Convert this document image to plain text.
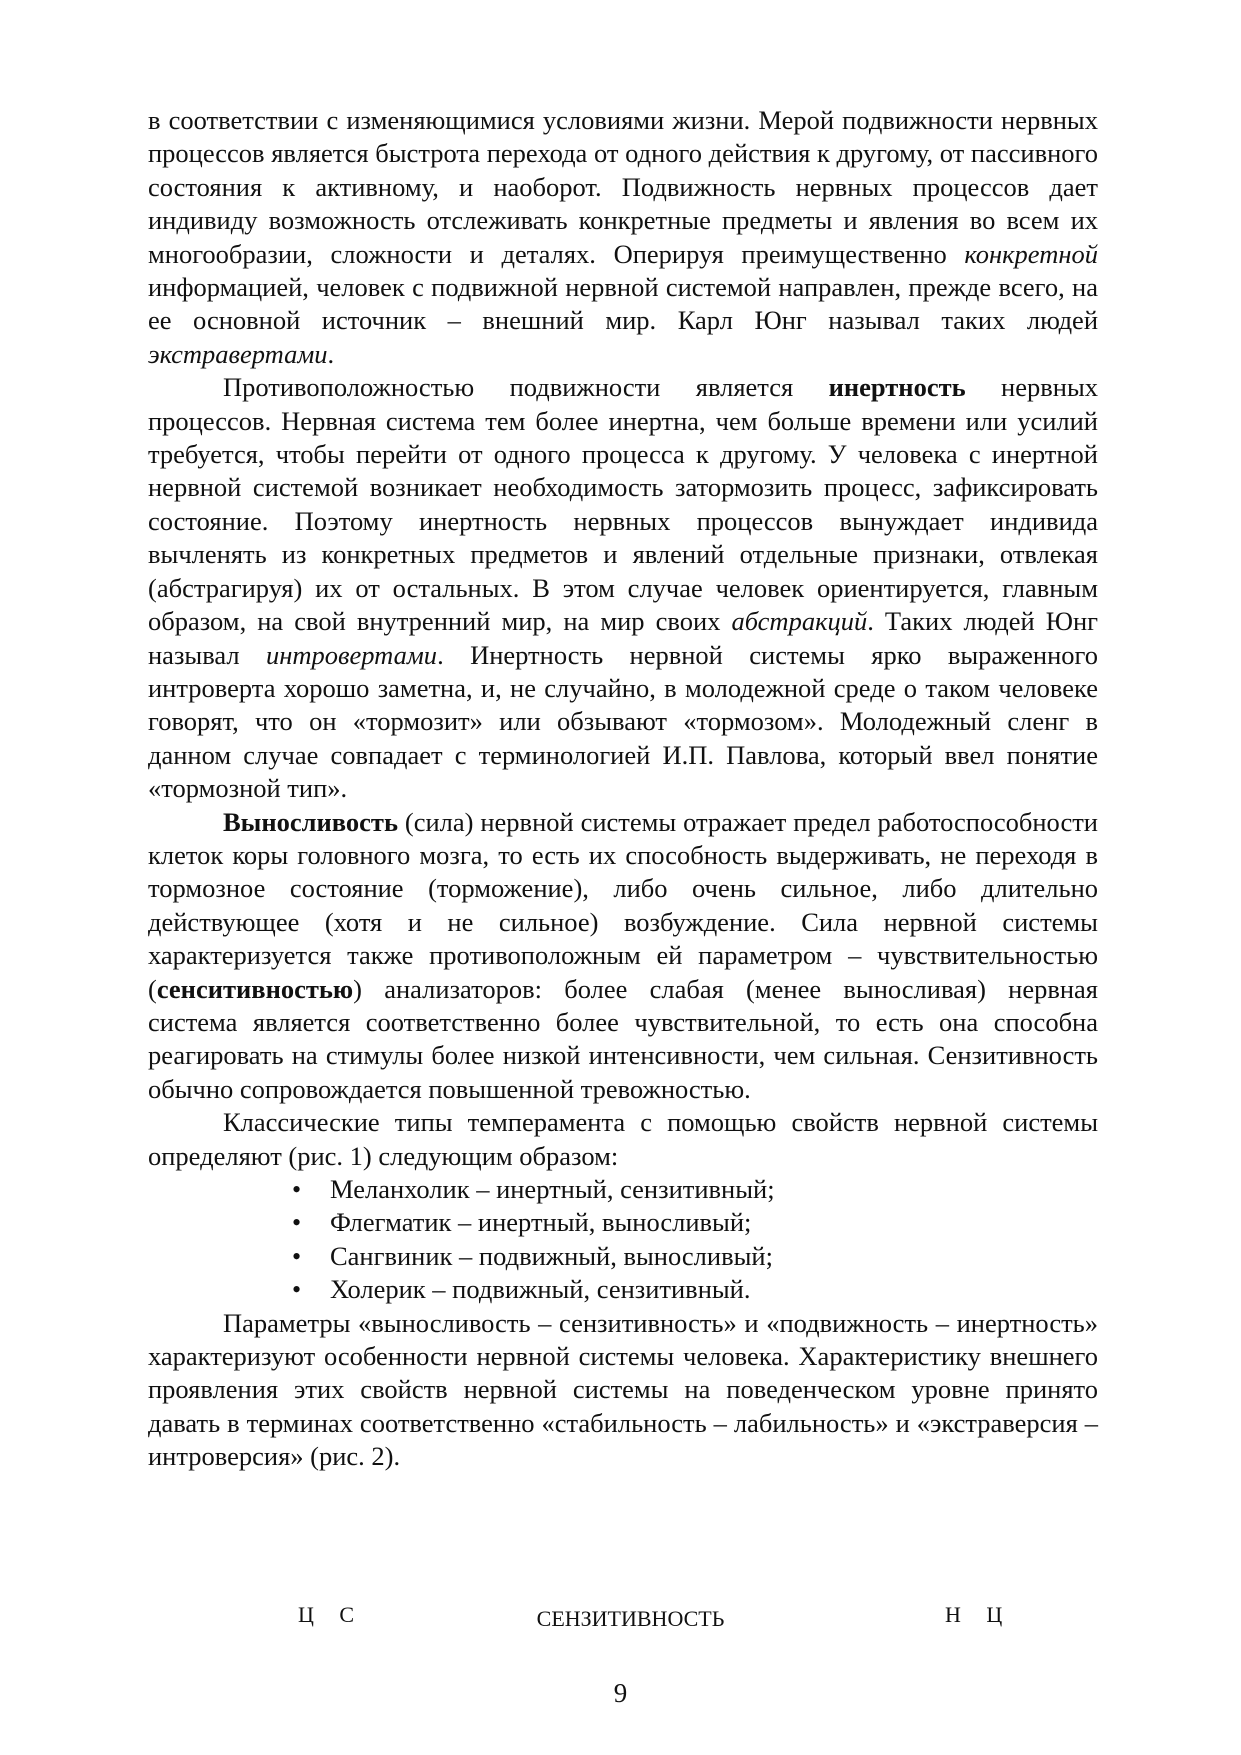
в соответствии с изменяющимися условиями жизни. Мерой подвижности нервных процессов является быстрота перехода от одного действия к другому, от пассивного состояния к активному, и наоборот. Подвижность нервных процессов дает индивиду возможность отслеживать конкретные предметы и явления во всем их многообразии, сложности и деталях. Оперируя преимущественно конкретной информацией, человек с подвижной нервной системой направлен, прежде всего, на ее основной источник – внешний мир. Карл Юнг называл таких людей экстравертами.

Противоположностью подвижности является инертность нервных процессов. Нервная система тем более инертна, чем больше времени или усилий требуется, чтобы перейти от одного процесса к другому. У человека с инертной нервной системой возникает необходимость затормозить процесс, зафиксировать состояние. Поэтому инертность нервных процессов вынуждает индивида вычленять из конкретных предметов и явлений отдельные признаки, отвлекая (абстрагируя) их от остальных. В этом случае человек ориентируется, главным образом, на свой внутренний мир, на мир своих абстракций. Таких людей Юнг называл интровертами. Инертность нервной системы ярко выраженного интроверта хорошо заметна, и, не случайно, в молодежной среде о таком человеке говорят, что он «тормозит» или обзывают «тормозом». Молодежный сленг в данном случае совпадает с терминологией И.П. Павлова, который ввел понятие «тормозной тип».

Выносливость (сила) нервной системы отражает предел работоспособности клеток коры головного мозга, то есть их способность выдерживать, не переходя в тормозное состояние (торможение), либо очень сильное, либо длительно действующее (хотя и не сильное) возбуждение. Сила нервной системы характеризуется также противоположным ей параметром – чувствительностью (сенситивностью) анализаторов: более слабая (менее выносливая) нервная система является соответственно более чувствительной, то есть она способна реагировать на стимулы более низкой интенсивности, чем сильная. Сензитивность обычно сопровождается повышенной тревожностью.

Классические типы темперамента с помощью свойств нервной системы определяют (рис. 1) следующим образом:

• Меланхолик – инертный, сензитивный;
• Флегматик – инертный, выносливый;
• Сангвиник – подвижный, выносливый;
• Холерик – подвижный, сензитивный.

Параметры «выносливость – сензитивность» и «подвижность – инертность» характеризуют особенности нервной системы человека. Характеристику внешнего проявления этих свойств нервной системы на поведенческом уровне принято давать в терминах соответственно «стабильность – лабильность» и «экстраверсия – интроверсия» (рис. 2).

Ц С	СЕНЗИТИВНОСТЬ	Н Ц
9
